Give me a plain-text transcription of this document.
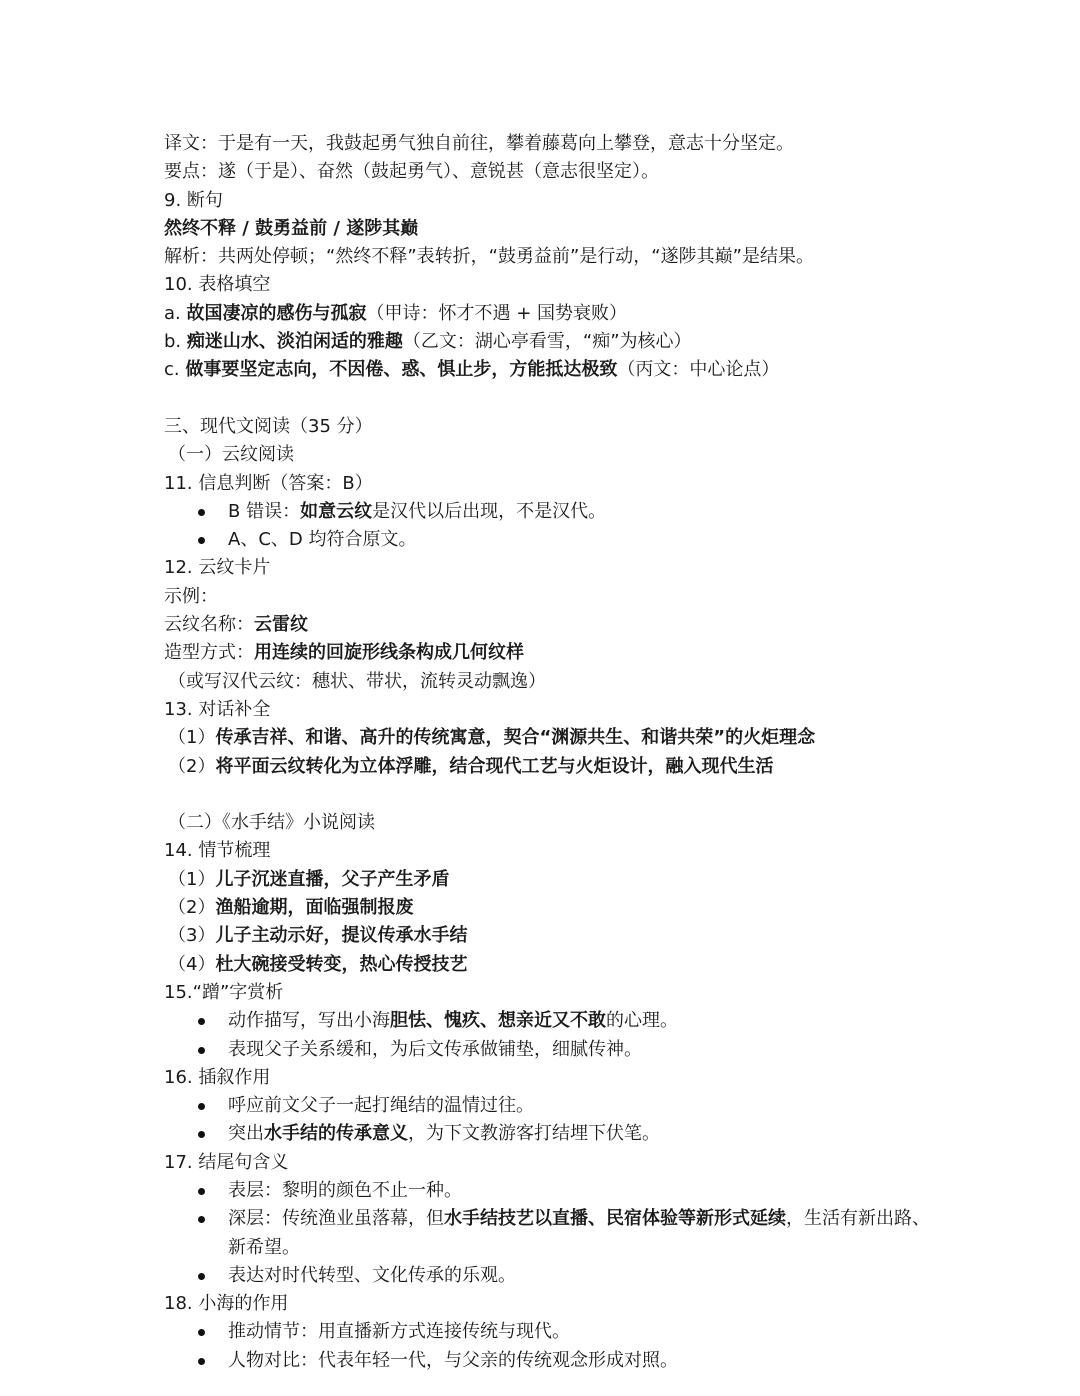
译文：于是有一天，我鼓起勇气独自前往，攀着藤葛向上攀登，意志十分坚定。
要点：遂（于是）、奋然（鼓起勇气）、意锐甚（意志很坚定）。
9. 断句
然终不释 / 鼓勇益前 / 遂陟其巅
解析：共两处停顿；“然终不释”表转折，“鼓勇益前”是行动，“遂陟其巅”是结果。
10. 表格填空
a. 故国凄凉的感伤与孤寂（甲诗：怀才不遇 + 国势衰败）
b. 痴迷山水、淡泊闲适的雅趣（乙文：湖心亭看雪，“痴”为核心）
c. 做事要坚定志向，不因倦、惑、惧止步，方能抵达极致（丙文：中心论点）
三、现代文阅读（35 分）
（一）云纹阅读
11. 信息判断（答案：B）
B 错误：如意云纹是汉代以后出现，不是汉代。
A、C、D 均符合原文。
12. 云纹卡片
示例：
云纹名称：云雷纹
造型方式：用连续的回旋形线条构成几何纹样
（或写汉代云纹：穗状、带状，流转灵动飘逸）
13. 对话补全
（1）传承吉祥、和谐、高升的传统寓意，契合“渊源共生、和谐共荣”的火炬理念
（2）将平面云纹转化为立体浮雕，结合现代工艺与火炬设计，融入现代生活
（二）《水手结》小说阅读
14. 情节梳理
（1）儿子沉迷直播，父子产生矛盾
（2）渔船逾期，面临强制报废
（3）儿子主动示好，提议传承水手结
（4）杜大碗接受转变，热心传授技艺
15.“蹭”字赏析
动作描写，写出小海胆怯、愧疚、想亲近又不敢的心理。
表现父子关系缓和，为后文传承做铺垫，细腻传神。
16. 插叙作用
呼应前文父子一起打绳结的温情过往。
突出水手结的传承意义，为下文教游客打结埋下伏笔。
17. 结尾句含义
表层：黎明的颜色不止一种。
深层：传统渔业虽落幕，但水手结技艺以直播、民宿体验等新形式延续，生活有新出路、新希望。
表达对时代转型、文化传承的乐观。
18. 小海的作用
推动情节：用直播新方式连接传统与现代。
人物对比：代表年轻一代，与父亲的传统观念形成对照。
